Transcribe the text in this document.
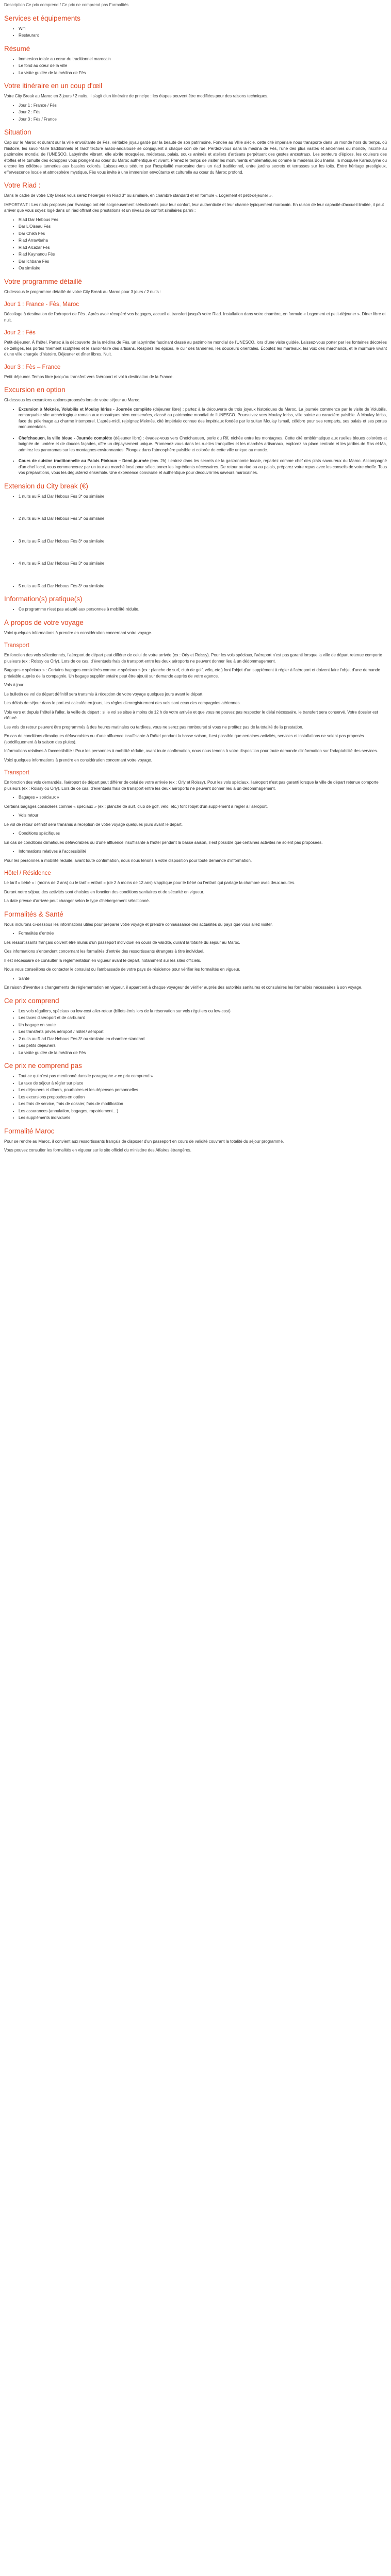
Description Ce prix comprend / Ce prix ne comprend pas Formalités
Services et équipements
• Wifi
• Restaurant
Résumé
• Immersion totale au cœur du traditionnel marocain
• Le fond au cœur de la ville
• La visite guidée de la médina de Fès
Votre itinéraire en un coup d'œil

Votre City Break au Maroc en 3 jours / 2 nuits. Il s'agit d'un itinéraire de principe : les étapes peuvent être modifiées pour des raisons techniques.

• Jour 1 : France / Fès
• Jour 2 : Fès
• Jour 3 : Fès / France
Situation

Cap sur le Maroc et durant sur la ville envoûtante de Fès, véritable joyau gardé par la beauté de son patrimoine. Fondée au VIIIe siècle, cette cité impériale nous transporte dans un monde hors du temps, où l'histoire, les savoir-faire traditionnels et l'architecture arabo-andalouse se conjuguent à chaque coin de rue. Perdez-vous dans la médina de Fès, l'une des plus vastes et anciennes du monde, inscrite au patrimoine mondial de l'UNESCO. Labyrinthe vibrant, elle abrite mosquées, médersas, palais, souks animés et ateliers d'artisans perpétuant des gestes ancestraux. Les senteurs d'épices, les couleurs des étoffes et le tumulte des échoppes vous plongent au cœur du Maroc authentique et vivant. Prenez le temps de visiter les monuments emblématiques comme la médersa Bou Inania, la mosquée Karaouiyine ou encore les célèbres tanneries aux bassins colorés. Laissez-vous séduire par l'hospitalité marocaine dans un riad traditionnel, entre jardins secrets et terrasses sur les toits. Entre héritage prestigieux, effervescence locale et atmosphère mystique, Fès vous invite à une immersion envoûtante et culturelle au cœur du Maroc profond.

Votre Riad :

Dans le cadre de votre City Break vous serez hébergés en Riad 3* ou similaire, en chambre standard et en formule « Logement et petit-déjeuner ».

IMPORTANT : Les riads proposés par Évasiogo ont été soigneusement sélectionnés pour leur confort, leur authenticité et leur charme typiquement marocain. En raison de leur capacité d'accueil limitée, il peut arriver que vous soyez logé dans un riad offrant des prestations et un niveau de confort similaires parmi :

• Riad Dar Hebous Fès
• Dar L'Oiseau Fès
• Dar Chikh Fès
• Riad Arrawbaha
• Riad Alcazar Fès
• Riad Kaynanou Fès
• Dar Ichbane Fès
• Ou similaire
Votre programme détaillé

Ci-dessous le programme détaillé de votre City Break au Maroc pour 3 jours / 2 nuits :

Jour 1 : France - Fès, Maroc

Décollage à destination de l'aéroport de Fès . Après avoir récupéré vos bagages, accueil et transfert jusqu'à votre Riad. Installation dans votre chambre, en formule « Logement et petit-déjeuner ». Dîner libre et nuit.

Jour 2 : Fès

Petit-déjeuner. À l'hôtel. Partez à la découverte de la médina de Fès, un labyrinthe fascinant classé au patrimoine mondial de l'UNESCO, lors d'une visite guidée. Laissez-vous porter par les fontaines décorées de zelliges, les portes finement sculptées et le savoir-faire des artisans. Respirez les épices, le cuir des tanneries, les douceurs orientales. Écoutez les marteaux, les voix des marchands, et le murmure vivant d'une ville chargée d'histoire. Déjeuner et dîner libres. Nuit.

Jour 3 : Fès – France

Petit-déjeuner. Temps libre jusqu'au transfert vers l'aéroport et vol à destination de la France.

Excursion en option

Ci-dessous les excursions options proposés lors de votre séjour au Maroc.

• Excursion à Meknès, Volubilis et Moulay Idriss - Journée complète (déjeuner libre) : partez à la découverte de trois joyaux historiques du Maroc. La journée commence par le visite de Volubilis, remarquable site archéologique romain aux mosaïques bien conservées, classé au patrimoine mondial de l'UNESCO. Poursuivez vers Moulay Idriss, ville sainte au caractère paisible. À Moulay Idriss, face du pèlerinage au charme intemporel. L'après-midi, rejoignez Meknès, cité impériale connue des impériaux fondée par le sultan Moulay Ismaïl, célèbre pour ses remparts, ses palais et ses portes monumentales.
• Chefchaouen, la ville bleue - Journée complète (déjeuner libre) : évadez-vous vers Chefchaouen, perle du Rif, nichée entre les montagnes. Cette cité emblématique aux ruelles bleues colorées et baignée de lumière et de douces façades, offre un dépaysement unique. Promenez-vous dans les ruelles tranquilles et les marchés artisanaux, explorez sa place centrale et les jardins de Ras el-Ma, admirez les panoramas sur les montagnes environnantes. Plongez dans l'atmosphère paisible et colorée de cette ville unique au monde.
• Cours de cuisine traditionnelle au Palais Pinkoun – Demi-journée (env. 2h) : entrez dans les secrets de la gastronomie locale, repartez comme chef des plats savoureux du Maroc. Accompagné d'un chef local, vous commencerez par un tour au marché local pour sélectionner les ingrédients nécessaires. De retour au riad ou au palais, préparez votre repas avec les conseils de votre cheffe. Tous vos préparations, vous les dégusterez ensemble. Une expérience conviviale et authentique pour découvrir les saveurs marocaines.
Extension du City break (€)
• 1 nuits au Riad Dar Hebous Fès 3* ou similaire
• 2 nuits au Riad Dar Hebous Fès 3* ou similaire
• 3 nuits au Riad Dar Hebous Fès 3* ou similaire
• 4 nuits au Riad Dar Hebous Fès 3* ou similaire
• 5 nuits au Riad Dar Hebous Fès 3* ou similaire
Information(s) pratique(s)
• Ce programme n'est pas adapté aux personnes à mobilité réduite.
À propos de votre voyage

Voici quelques informations à prendre en considération concernant votre voyage.

Transport

En fonction des vols sélectionnés, l'aéroport de départ peut différer de celui de votre arrivée (ex : Orly et Roissy). Pour les vols spéciaux, l'aéroport n'est pas garanti lorsque la ville de départ retenue comporte plusieurs (ex : Roissy ou Orly). Lors de ce cas, d'éventuels frais de transport entre les deux aéroports ne peuvent donner lieu à un dédommagement.

Bagages « spéciaux » : Certains bagages considérés comme « spéciaux » (ex : planche de surf, club de golf, vélo, etc.) font l'objet d'un supplément à régler à l'aéroport et doivent faire l'objet d'une demande préalable auprès de la compagnie. Un bagage supplémentaire peut être ajouté sur demande auprès de votre agence.

Vols à jour

Le bulletin de vol de départ définitif sera transmis à réception de votre voyage quelques jours avant le départ.

Les délais de séjour dans le port est calculée en jours, les règles d'enregistrement des vols sont ceux des compagnies aériennes.

Vols vers et depuis l'hôtel à l'aller, la veille du départ : si le vol se situe à moins de 12 h de votre arrivée et que vous ne pouvez pas respecter le délai nécessaire, le transfert sera conservé. Votre dossier est clôturé.

Les vols de retour peuvent être programmés à des heures matinales ou tardives, vous ne serez pas remboursé si vous ne profitez pas de la totalité de la prestation.

En cas de conditions climatiques défavorables ou d'une affluence insuffisante à l'hôtel pendant la basse saison, il est possible que certaines activités, services et installations ne soient pas proposés (spécifiquement à la saison des pluies).

Informations relatives à l'accessibilité : Pour les personnes à mobilité réduite, avant toute confirmation, nous nous tenons à votre disposition pour toute demande d'information sur l'adaptabilité des services.

Voici quelques informations à prendre en considération concernant votre voyage.

Transport

En fonction des vols demandés, l'aéroport de départ peut différer de celui de votre arrivée (ex : Orly et Roissy). Pour les vols spéciaux, l'aéroport n'est pas garanti lorsque la ville de départ retenue comporte plusieurs (ex : Roissy ou Orly). Lors de ce cas, d'éventuels frais de transport entre les deux aéroports ne peuvent donner lieu à un dédommagement.

• Bagages « spéciaux »

Certains bagages considérés comme « spéciaux » (ex : planche de surf, club de golf, vélo, etc.) font l'objet d'un supplément à régler à l'aéroport.

• Vols retour

Le vol de retour définitif sera transmis à réception de votre voyage quelques jours avant le départ.

• Conditions spécifiques

En cas de conditions climatiques défavorables ou d'une affluence insuffisante à l'hôtel pendant la basse saison, il est possible que certaines activités ne soient pas proposées.

• Informations relatives à l'accessibilité

Pour les personnes à mobilité réduite, avant toute confirmation, nous nous tenons à votre disposition pour toute demande d'information.

Hôtel / Résidence

Le tarif « bébé » : (moins de 2 ans) ou le tarif « enfant » (de 2 à moins de 12 ans) s'applique pour le bébé ou l'enfant qui partage la chambre avec deux adultes.

Durant notre séjour, des activités sont choisies en fonction des conditions sanitaires et de sécurité en vigueur.

La date prévue d'arrivée peut changer selon le type d'hébergement sélectionné.

Formalités & Santé

Nous inclurons ci-dessous les informations utiles pour préparer votre voyage et prendre connaissance des actualités du pays que vous allez visiter.

• Formalités d'entrée

Les ressortissants français doivent être munis d'un passeport individuel en cours de validité, durant la totalité du séjour au Maroc.

Ces informations s'entendent concernant les formalités d'entrée des ressortissants étrangers à titre individuel.

Il est nécessaire de consulter la réglementation en vigueur avant le départ, notamment sur les sites officiels.

Nous vous conseillons de contacter le consulat ou l'ambassade de votre pays de résidence pour vérifier les formalités en vigueur.

• Santé

En raison d'éventuels changements de réglementation en vigueur, il appartient à chaque voyageur de vérifier auprès des autorités sanitaires et consulaires les formalités nécessaires à son voyage.

Ce prix comprend
• Les vols réguliers, spéciaux ou low-cost aller-retour (billets émis lors de la réservation sur vols réguliers ou low-cost)
• Les taxes d'aéroport et de carburant
• Un bagage en soute
• Les transferts privés aéroport / hôtel / aéroport
• 2 nuits au Riad Dar Hebous Fès 3* ou similaire en chambre standard
• Les petits déjeuners
• La visite guidée de la médina de Fès
Ce prix ne comprend pas
• Tout ce qui n'est pas mentionné dans le paragraphe « ce prix comprend »
• La taxe de séjour à régler sur place
• Les déjeuners et dîners, pourboires et les dépenses personnelles
• Les excursions proposées en option
• Les frais de service, frais de dossier, frais de modification
• Les assurances (annulation, bagages, rapatriement…)
• Les suppléments individuels
Formalité Maroc

Pour se rendre au Maroc, il convient aux ressortissants français de disposer d'un passeport en cours de validité couvrant la totalité du séjour programmé.

Vous pouvez consulter les formalités en vigueur sur le site officiel du ministère des Affaires étrangères.
